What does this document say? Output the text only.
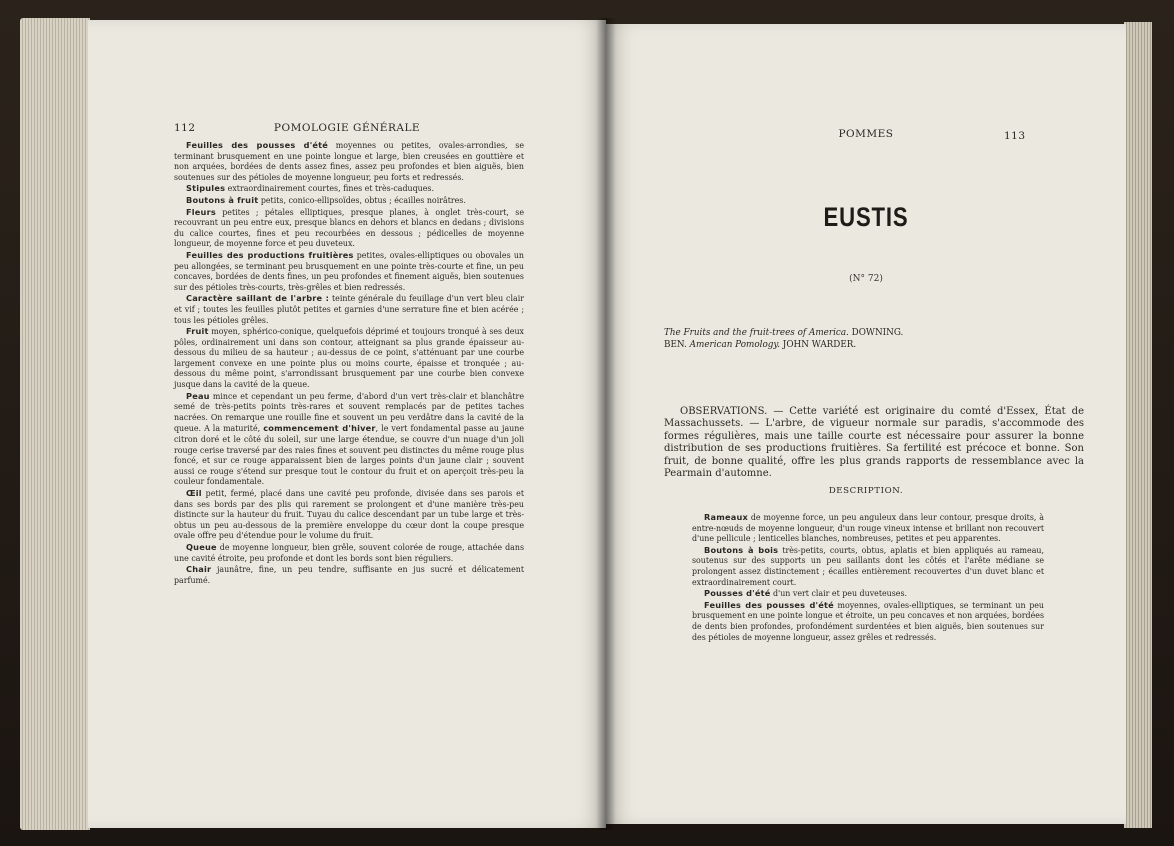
112	POMOLOGIE GÉNÉRALE

Feuilles des pousses d'été moyennes ou petites, ovales-arrondies, se terminant brusquement en une pointe longue et large, bien creusées en gouttière et non arquées, bordées de dents assez fines, assez peu profondes et bien aiguës, bien soutenues sur des pétioles de moyenne longueur, peu forts et redressés.

Stipules extraordinairement courtes, fines et très-caduques.

Boutons à fruit petits, conico-ellipsoïdes, obtus ; écailles noirâtres.

Fleurs petites ; pétales elliptiques, presque planes, à onglet très-court, se recouvrant un peu entre eux, presque blancs en dehors et blancs en dedans ; divisions du calice courtes, fines et peu recourbées en dessous ; pédicelles de moyenne longueur, de moyenne force et peu duveteux.

Feuilles des productions fruitières petites, ovales-elliptiques ou obovales un peu allongées, se terminant peu brusquement en une pointe très-courte et fine, un peu concaves, bordées de dents fines, un peu profondes et finement aiguës, bien soutenues sur des pétioles très-courts, très-grêles et bien redressés.

Caractère saillant de l'arbre : teinte générale du feuillage d'un vert bleu clair et vif ; toutes les feuilles plutôt petites et garnies d'une serrature fine et bien acérée ; tous les pétioles grêles.

Fruit moyen, sphérico-conique, quelquefois déprimé et toujours tronqué à ses deux pôles, ordinairement uni dans son contour, atteignant sa plus grande épaisseur au-dessous du milieu de sa hauteur ; au-dessus de ce point, s'atténuant par une courbe largement convexe en une pointe plus ou moins courte, épaisse et tronquée ; au-dessous du même point, s'arrondissant brusquement par une courbe bien convexe jusque dans la cavité de la queue.

Peau mince et cependant un peu ferme, d'abord d'un vert très-clair et blanchâtre semé de très-petits points très-rares et souvent remplacés par de petites taches nacrées. On remarque une rouille fine et souvent un peu verdâtre dans la cavité de la queue. A la maturité, commencement d'hiver, le vert fondamental passe au jaune citron doré et le côté du soleil, sur une large étendue, se couvre d'un nuage d'un joli rouge cerise traversé par des raies fines et souvent peu distinctes du même rouge plus foncé, et sur ce rouge apparaissent bien de larges points d'un jaune clair ; souvent aussi ce rouge s'étend sur presque tout le contour du fruit et on aperçoit très-peu la couleur fondamentale.

Œil petit, fermé, placé dans une cavité peu profonde, divisée dans ses parois et dans ses bords par des plis qui rarement se prolongent et d'une manière très-peu distincte sur la hauteur du fruit. Tuyau du calice descendant par un tube large et très-obtus un peu au-dessous de la première enveloppe du cœur dont la coupe presque ovale offre peu d'étendue pour le volume du fruit.

Queue de moyenne longueur, bien grêle, souvent colorée de rouge, attachée dans une cavité étroite, peu profonde et dont les bords sont bien réguliers.

Chair jaunâtre, fine, un peu tendre, suffisante en jus sucré et délicatement parfumé.

POMMES	113
EUSTIS
(N° 72)

The Fruits and the fruit-trees of America. DOWNING.

BEN. American Pomology. JOHN WARDER.

OBSERVATIONS. — Cette variété est originaire du comté d'Essex, État de Massachussets. — L'arbre, de vigueur normale sur paradis, s'accommode des formes régulières, mais une taille courte est nécessaire pour assurer la bonne distribution de ses productions fruitières. Sa fertilité est précoce et bonne. Son fruit, de bonne qualité, offre les plus grands rapports de ressemblance avec la Pearmain d'automne.

DESCRIPTION.

Rameaux de moyenne force, un peu anguleux dans leur contour, presque droits, à entre-nœuds de moyenne longueur, d'un rouge vineux intense et brillant non recouvert d'une pellicule ; lenticelles blanches, nombreuses, petites et peu apparentes.

Boutons à bois très-petits, courts, obtus, aplatis et bien appliqués au rameau, soutenus sur des supports un peu saillants dont les côtés et l'arête médiane se prolongent assez distinctement ; écailles entièrement recouvertes d'un duvet blanc et extraordinairement court.

Pousses d'été d'un vert clair et peu duveteuses.

Feuilles des pousses d'été moyennes, ovales-elliptiques, se terminant un peu brusquement en une pointe longue et étroite, un peu concaves et non arquées, bordées de dents bien profondes, profondément surdentées et bien aiguës, bien soutenues sur des pétioles de moyenne longueur, assez grêles et redressés.
